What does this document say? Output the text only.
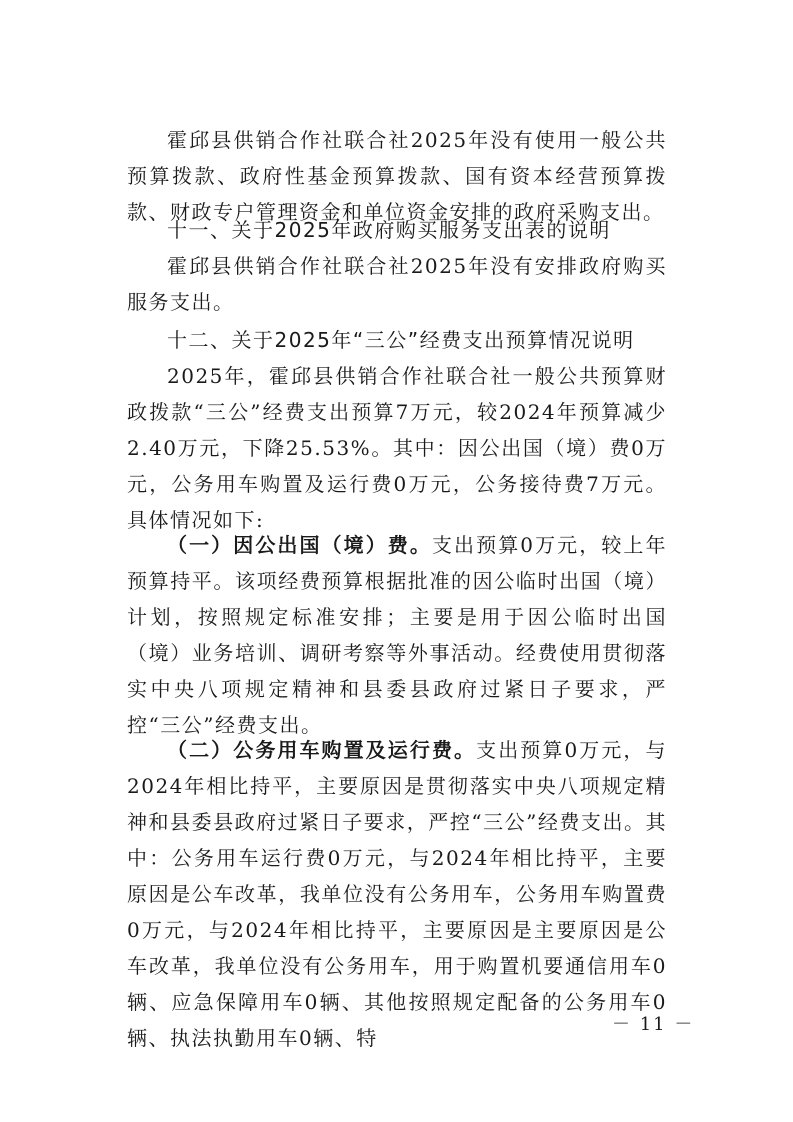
霍邱县供销合作社联合社2025年没有使用一般公共预算拨款、政府性基金预算拨款、国有资本经营预算拨款、财政专户管理资金和单位资金安排的政府采购支出。

十一、关于2025年政府购买服务支出表的说明

霍邱县供销合作社联合社2025年没有安排政府购买服务支出。

十二、关于2025年“三公”经费支出预算情况说明

2025年，霍邱县供销合作社联合社一般公共预算财政拨款“三公”经费支出预算7万元，较2024年预算减少2.40万元，下降25.53%。其中：因公出国（境）费0万元，公务用车购置及运行费0万元，公务接待费7万元。具体情况如下:

（一）因公出国（境）费。支出预算0万元，较上年预算持平。该项经费预算根据批准的因公临时出国（境）计划，按照规定标准安排；主要是用于因公临时出国（境）业务培训、调研考察等外事活动。经费使用贯彻落实中央八项规定精神和县委县政府过紧日子要求，严控“三公”经费支出。

（二）公务用车购置及运行费。支出预算0万元，与2024年相比持平，主要原因是贯彻落实中央八项规定精神和县委县政府过紧日子要求，严控“三公”经费支出。其中：公务用车运行费0万元，与2024年相比持平，主要原因是公车改革，我单位没有公务用车，公务用车购置费0万元，与2024年相比持平，主要原因是主要原因是公车改革，我单位没有公务用车，用于购置机要通信用车0辆、应急保障用车0辆、其他按照规定配备的公务用车0辆、执法执勤用车0辆、特

－ 11 －
